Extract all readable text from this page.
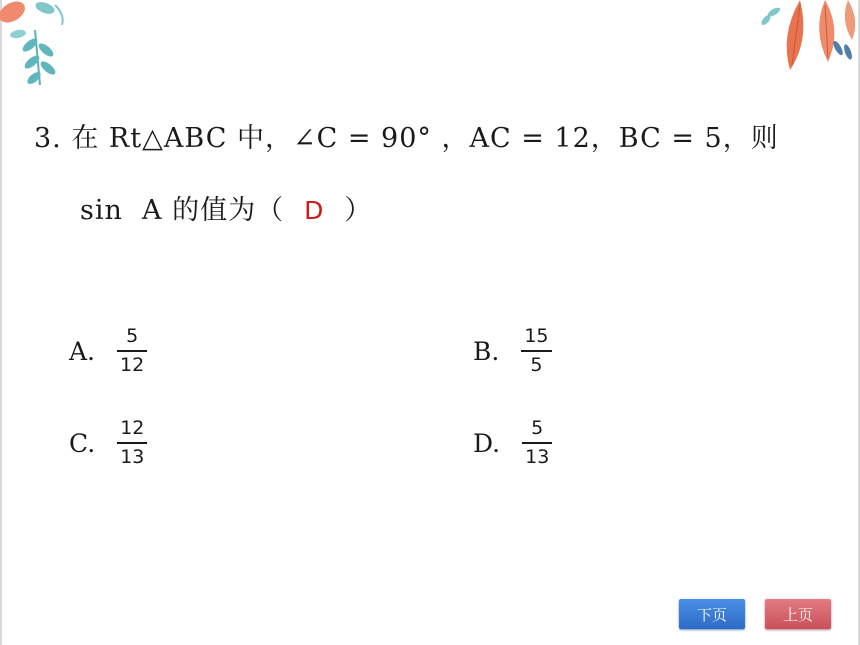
3. 在 Rt△ABC 中，∠C = 90° ，AC = 12，BC = 5，则
sin  A 的值为（ D ）
A. $\frac{5}{12}$	B. $\frac{15}{5}$
C. $\frac{12}{13}$	D. $\frac{5}{13}$
下页	上页
